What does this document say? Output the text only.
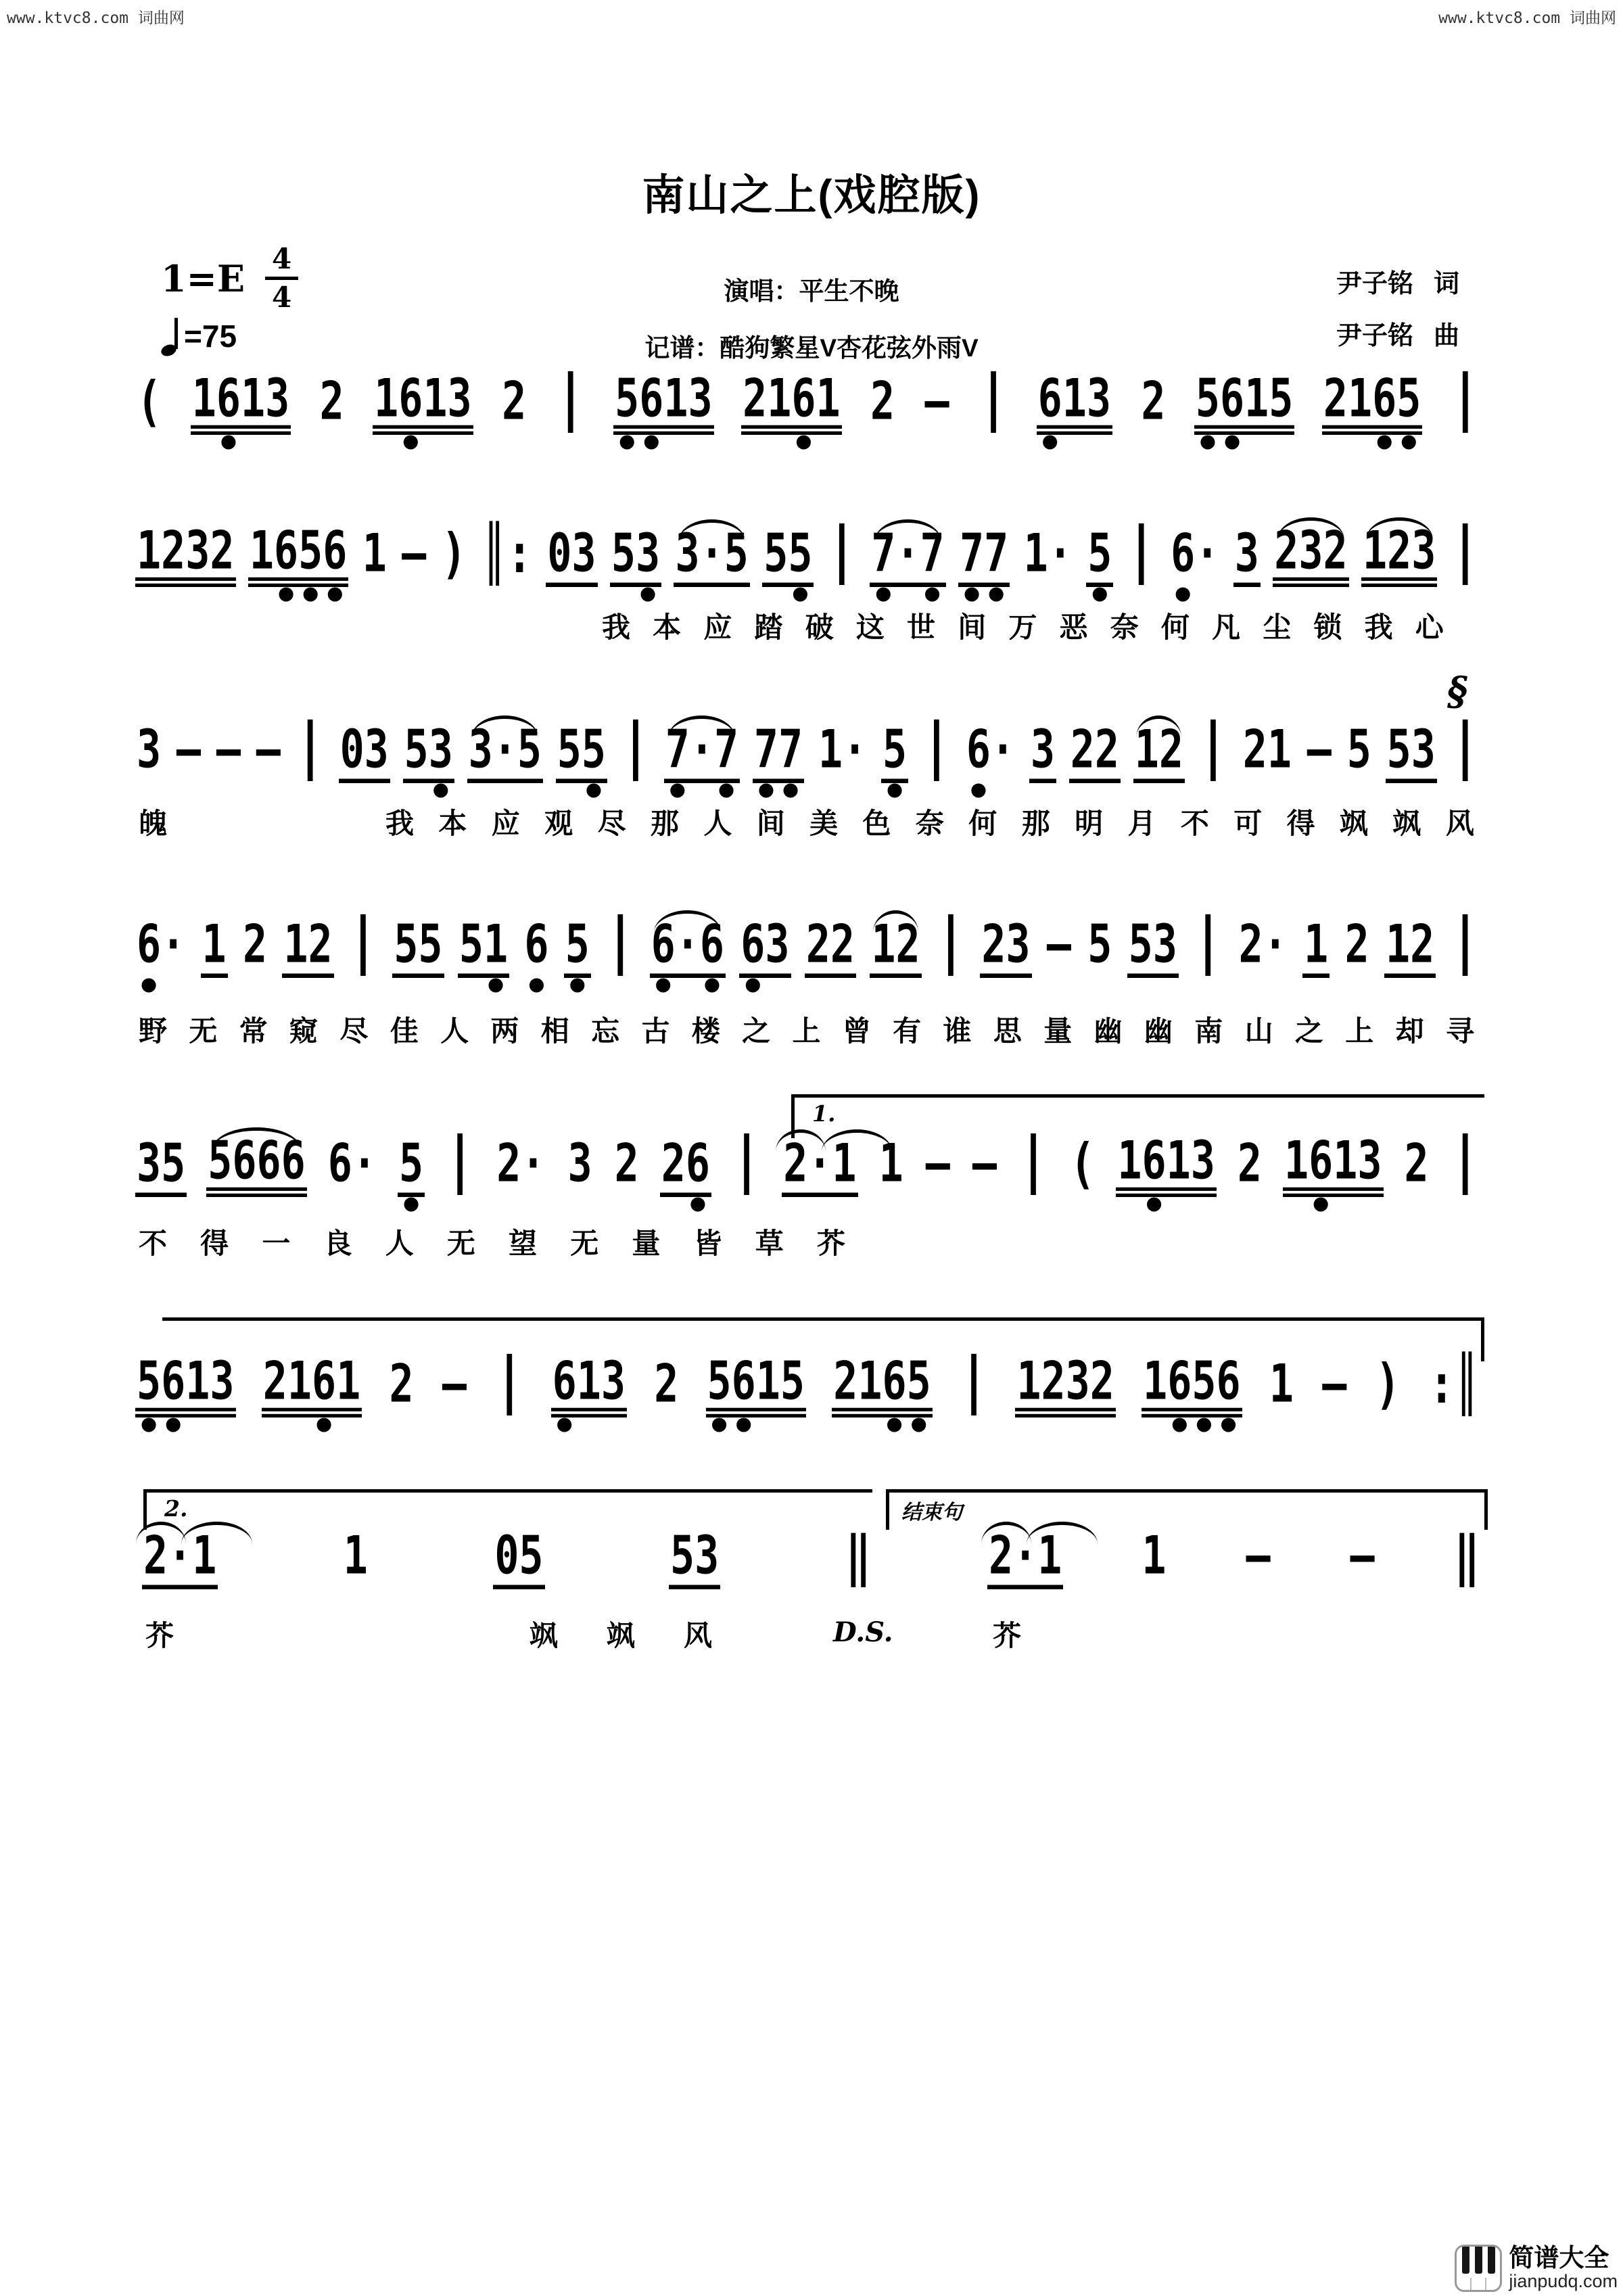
www.ktvc8.com 词曲网	www.ktvc8.com 词曲网
南山之上(戏腔版)
$1=E \frac{4}{4}$
=75
演唱：平生不晚
记谱：酷狗繁星V杏花弦外雨V
尹子铭 词
尹子铭 曲
( 1613
•
2 1613
•
2 | 5613
••
2161
•
2 – | 613
•
2 5615
••
2165
••
|
1232 1656
•••
1 – ) ║: 03 53
•
3·5 55
•
| 7·7
• •
77
••
1· 5
•
| 6·
•
3 232 123 |
我 本 应 踏 破 这 世 间 万 恶 奈 何 凡 尘 锁 我 心
§
3 – – – | 03 53
•
3·5 55
•
| 7·7
• •
77
••
1· 5
•
| 6·
•
3 22 12 | 21 – 5 53 |
魄	我 本 应 观 尽 那 人 间 美 色 奈 何 那 明 月 不 可 得 飒 飒 风
6·
•
1 2 12 | 55 51
•
6
•
5
•
| 6·6
• •
63
•
22 12 | 23 – 5 53 | 2· 1 2 12 |
野 无 常 窥 尽 佳 人 两 相 忘 古 楼 之 上 曾 有 谁 思 量 幽 幽 南 山 之 上 却 寻
1.
35 5666 6· 5
•
| 2· 3 2 26
•
| 2·1 1 – – | ( 1613
•
2 1613
•
2 |
不 得 一 良 人 无 望 无 量 皆 草 芥
5613
••
2161
•
2 – | 613
•
2 5615
••
2165
••
| 1232 1656
•••
1 – ) :║
2.	结束句
2·1	1	05	53	‖	2·1 1 – – ‖
芥	飒 飒 风	D.S.	芥
简谱大全
jianpudq.com
